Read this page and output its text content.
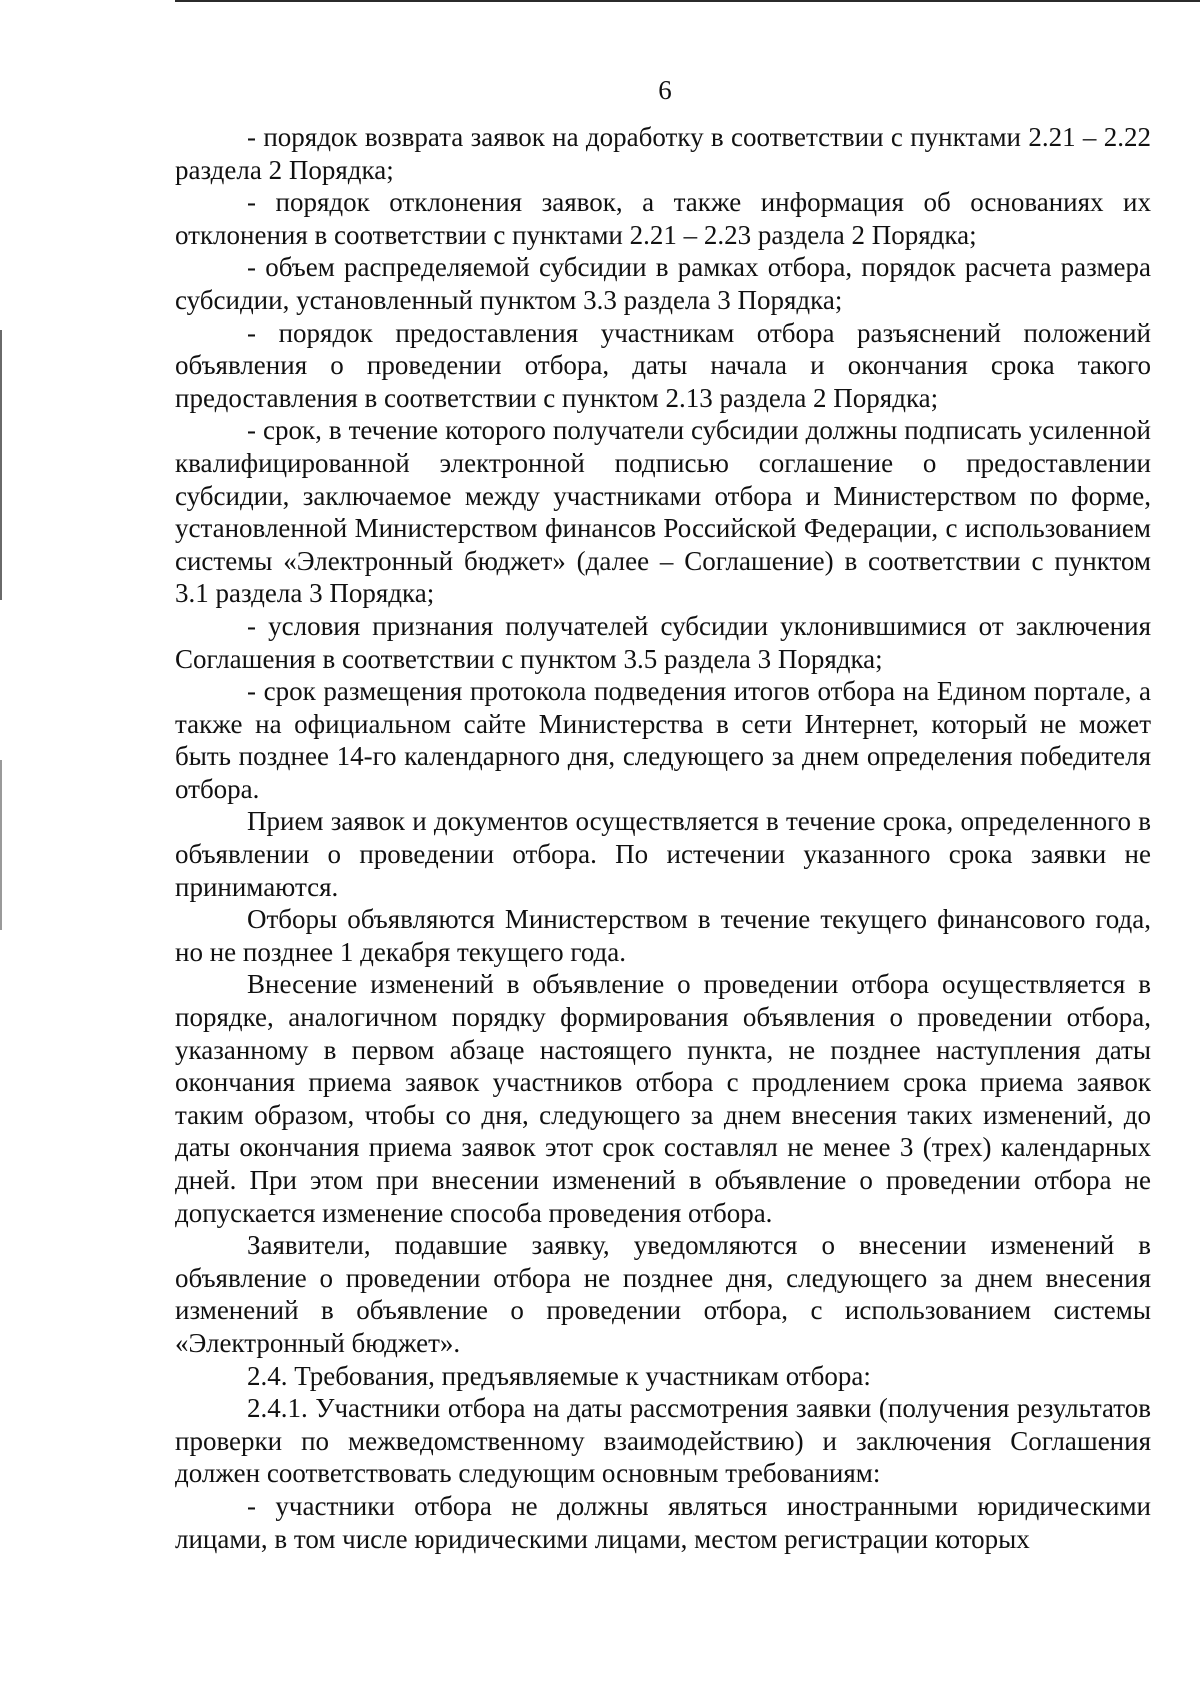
6

- порядок возврата заявок на доработку в соответствии с пунктами 2.21 – 2.22 раздела 2 Порядка;

- порядок отклонения заявок, а также информация об основаниях их отклонения в соответствии с пунктами 2.21 – 2.23 раздела 2 Порядка;

- объем распределяемой субсидии в рамках отбора, порядок расчета размера субсидии, установленный пунктом 3.3 раздела 3 Порядка;

- порядок предоставления участникам отбора разъяснений положений объявления о проведении отбора, даты начала и окончания срока такого предоставления в соответствии с пунктом 2.13 раздела 2 Порядка;

- срок, в течение которого получатели субсидии должны подписать усиленной квалифицированной электронной подписью соглашение о предоставлении субсидии, заключаемое между участниками отбора и Министерством по форме, установленной Министерством финансов Российской Федерации, с использованием системы «Электронный бюджет» (далее – Соглашение) в соответствии с пунктом 3.1 раздела 3 Порядка;

- условия признания получателей субсидии уклонившимися от заключения Соглашения в соответствии с пунктом 3.5 раздела 3 Порядка;

- срок размещения протокола подведения итогов отбора на Едином портале, а также на официальном сайте Министерства в сети Интернет, который не может быть позднее 14-го календарного дня, следующего за днем определения победителя отбора.

Прием заявок и документов осуществляется в течение срока, определенного в объявлении о проведении отбора. По истечении указанного срока заявки не принимаются.

Отборы объявляются Министерством в течение текущего финансового года, но не позднее 1 декабря текущего года.

Внесение изменений в объявление о проведении отбора осуществляется в порядке, аналогичном порядку формирования объявления о проведении отбора, указанному в первом абзаце настоящего пункта, не позднее наступления даты окончания приема заявок участников отбора с продлением срока приема заявок таким образом, чтобы со дня, следующего за днем внесения таких изменений, до даты окончания приема заявок этот срок составлял не менее 3 (трех) календарных дней. При этом при внесении изменений в объявление о проведении отбора не допускается изменение способа проведения отбора.

Заявители, подавшие заявку, уведомляются о внесении изменений в объявление о проведении отбора не позднее дня, следующего за днем внесения изменений в объявление о проведении отбора, с использованием системы «Электронный бюджет».

2.4. Требования, предъявляемые к участникам отбора:

2.4.1. Участники отбора на даты рассмотрения заявки (получения результатов проверки по межведомственному взаимодействию) и заключения Соглашения должен соответствовать следующим основным требованиям:

- участники отбора не должны являться иностранными юридическими лицами, в том числе юридическими лицами, местом регистрации которых
